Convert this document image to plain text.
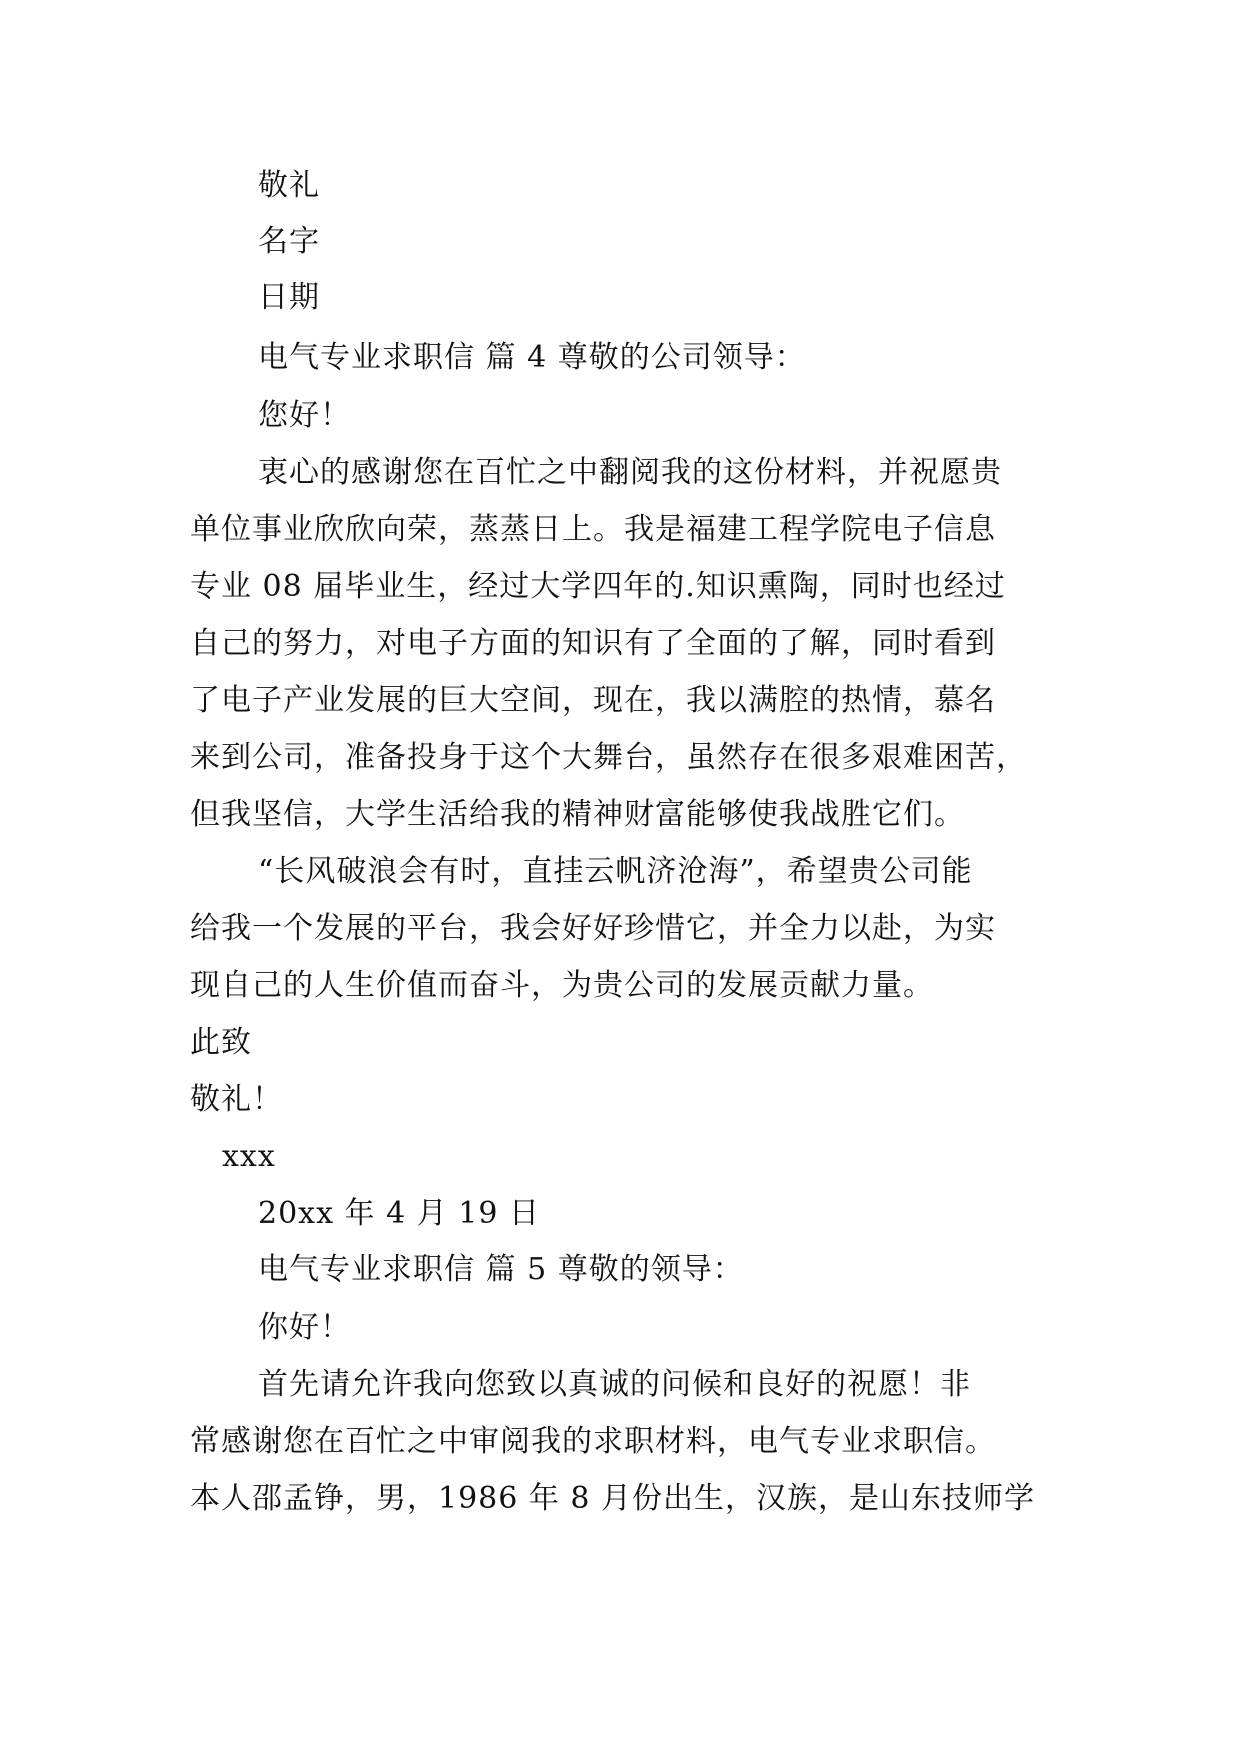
敬礼
名字
日期
电气专业求职信 篇 4 尊敬的公司领导：
您好！
衷心的感谢您在百忙之中翻阅我的这份材料，并祝愿贵
单位事业欣欣向荣，蒸蒸日上。我是福建工程学院电子信息
专业 08 届毕业生，经过大学四年的.知识熏陶，同时也经过
自己的努力，对电子方面的知识有了全面的了解，同时看到
了电子产业发展的巨大空间，现在，我以满腔的热情，慕名
来到公司，准备投身于这个大舞台，虽然存在很多艰难困苦，
但我坚信，大学生活给我的精神财富能够使我战胜它们。
“长风破浪会有时，直挂云帆济沧海”，希望贵公司能
给我一个发展的平台，我会好好珍惜它，并全力以赴，为实
现自己的人生价值而奋斗，为贵公司的发展贡献力量。
此致
敬礼！
xxx
20xx 年 4 月 19 日
电气专业求职信 篇 5 尊敬的领导：
你好！
首先请允许我向您致以真诚的问候和良好的祝愿！非
常感谢您在百忙之中审阅我的求职材料，电气专业求职信。
本人邵孟铮，男，1986 年 8 月份出生，汉族，是山东技师学
